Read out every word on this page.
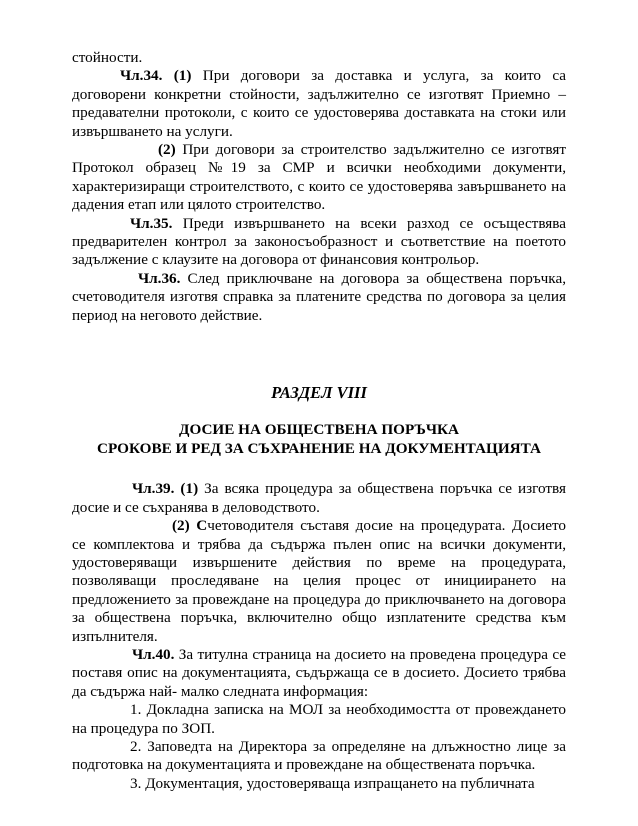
стойности.

Чл.34. (1) При договори за доставка и услуга, за които са договорени конкретни стойности, задължително се изготвят Приемно – предавателни протоколи, с които се удостоверява доставката на стоки или извършването на услуги.

(2) При договори за строителство задължително се изготвят Протокол образец №19 за СМР и всички необходими документи, характеризиращи строителството, с които се удостоверява завършването на дадения етап или цялото строителство.

Чл.35. Преди извършването на всеки разход се осъществява предварителен контрол за законосъобразност и съответствие на поетото задължение с клаузите на договора от финансовия контрольор.

Чл.36. След приключване на договора за обществена поръчка, счетоводителя изготвя справка за платените средства по договора за целия период на неговото действие.

РАЗДЕЛ VIII

ДОСИЕ НА ОБЩЕСТВЕНА ПОРЪЧКА

СРОКОВЕ И РЕД ЗА СЪХРАНЕНИЕ НА ДОКУМЕНТАЦИЯТА

Чл.39. (1) За всяка процедура за обществена поръчка се изготвя досие и се съхранява в деловодството.

(2) Счетоводителя съставя досие на процедурата. Досието се комплектова и трябва да съдържа пълен опис на всички документи, удостоверяващи извършените действия по време на процедурата, позволяващи проследяване на целия процес от инициирането на предложението за провеждане на процедура до приключването на договора за обществена поръчка, включително общо изплатените средства към изпълнителя.

Чл.40. За титулна страница на досието на проведена процедура се поставя опис на документацията, съдържаща се в досието. Досието трябва да съдържа най- малко следната информация:

1. Докладна записка на МОЛ за необходимостта от провеждането на процедура по ЗОП.

2. Заповедта на Директора за определяне на длъжностно лице за подготовка на документацията и провеждане на обществената поръчка.

3. Документация, удостоверяваща изпращането на публичната
